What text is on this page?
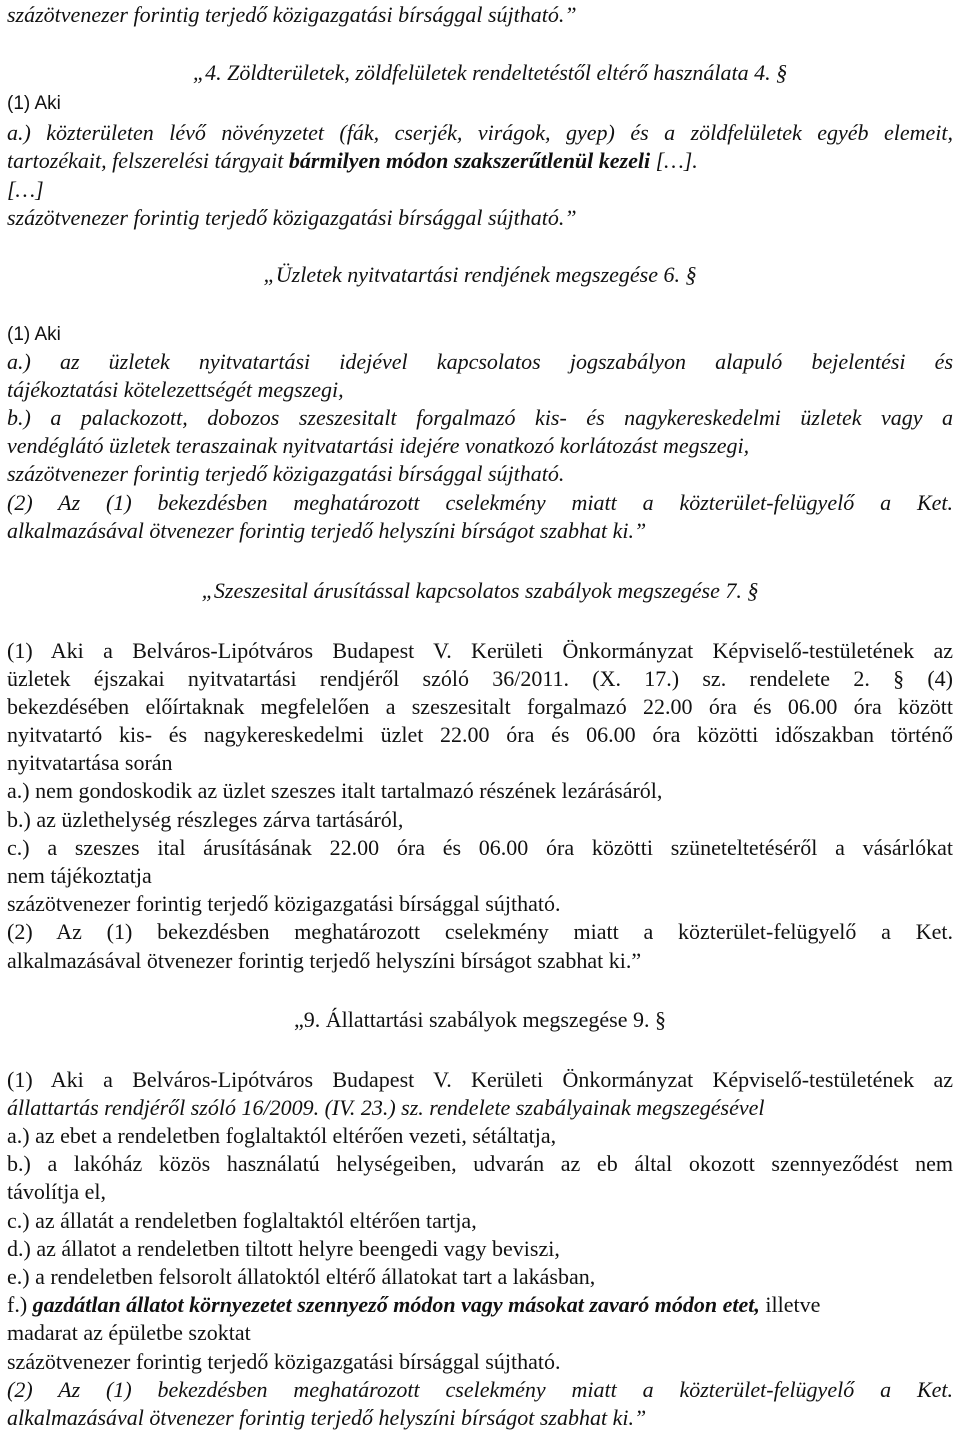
százötvenezer forintig terjedő közigazgatási bírsággal sújtható.”
„4. Zöldterületek, zöldfelületek rendeltetéstől eltérő használata 4. §
(1) Aki
a.) közterületen lévő növényzetet (fák, cserjék, virágok, gyep) és a zöldfelületek egyéb elemeit,
tartozékait, felszerelési tárgyait bármilyen módon szakszerűtlenül kezeli […].
[…]
százötvenezer forintig terjedő közigazgatási bírsággal sújtható.”
„Üzletek nyitvatartási rendjének megszegése 6. §
(1) Aki
a.) az üzletek nyitvatartási idejével kapcsolatos jogszabályon alapuló bejelentési és
tájékoztatási kötelezettségét megszegi,
b.) a palackozott, dobozos szeszesitalt forgalmazó kis- és nagykereskedelmi üzletek vagy a
vendéglátó üzletek teraszainak nyitvatartási idejére vonatkozó korlátozást megszegi,
százötvenezer forintig terjedő közigazgatási bírsággal sújtható.
(2) Az (1) bekezdésben meghatározott cselekmény miatt a közterület-felügyelő a Ket.
alkalmazásával ötvenezer forintig terjedő helyszíni bírságot szabhat ki.”
„Szeszesital árusítással kapcsolatos szabályok megszegése 7. §
(1) Aki a Belváros-Lipótváros Budapest V. Kerületi Önkormányzat Képviselő-testületének az
üzletek éjszakai nyitvatartási rendjéről szóló 36/2011. (X. 17.) sz. rendelete 2. § (4)
bekezdésében előírtaknak megfelelően a szeszesitalt forgalmazó 22.00 óra és 06.00 óra között
nyitvatartó kis- és nagykereskedelmi üzlet 22.00 óra és 06.00 óra közötti időszakban történő
nyitvatartása során
a.) nem gondoskodik az üzlet szeszes italt tartalmazó részének lezárásáról,
b.) az üzlethelység részleges zárva tartásáról,
c.) a szeszes ital árusításának 22.00 óra és 06.00 óra közötti szüneteltetéséről a vásárlókat
nem tájékoztatja
százötvenezer forintig terjedő közigazgatási bírsággal sújtható.
(2) Az (1) bekezdésben meghatározott cselekmény miatt a közterület-felügyelő a Ket.
alkalmazásával ötvenezer forintig terjedő helyszíni bírságot szabhat ki.”
„9. Állattartási szabályok megszegése 9. §
(1) Aki a Belváros-Lipótváros Budapest V. Kerületi Önkormányzat Képviselő-testületének az
állattartás rendjéről szóló 16/2009. (IV. 23.) sz. rendelete szabályainak megszegésével
a.) az ebet a rendeletben foglaltaktól eltérően vezeti, sétáltatja,
b.) a lakóház közös használatú helységeiben, udvarán az eb által okozott szennyeződést nem
távolítja el,
c.) az állatát a rendeletben foglaltaktól eltérően tartja,
d.) az állatot a rendeletben tiltott helyre beengedi vagy beviszi,
e.) a rendeletben felsorolt állatoktól eltérő állatokat tart a lakásban,
f.) gazdátlan állatot környezetet szennyező módon vagy másokat zavaró módon etet, illetve
madarat az épületbe szoktat
százötvenezer forintig terjedő közigazgatási bírsággal sújtható.
(2) Az (1) bekezdésben meghatározott cselekmény miatt a közterület-felügyelő a Ket.
alkalmazásával ötvenezer forintig terjedő helyszíni bírságot szabhat ki.”
